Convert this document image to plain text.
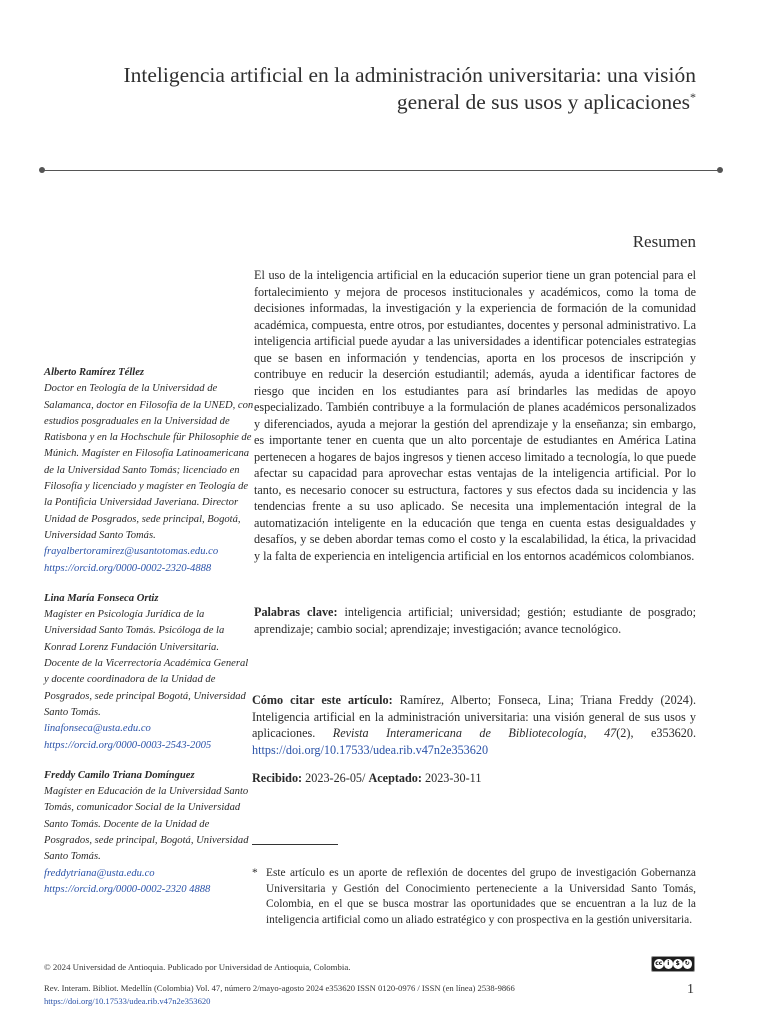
Inteligencia artificial en la administración universitaria: una visión general de sus usos y aplicaciones*
Resumen
El uso de la inteligencia artificial en la educación superior tiene un gran potencial para el fortalecimiento y mejora de procesos institucionales y académicos, como la toma de decisiones informadas, la investigación y la experiencia de formación de la comunidad académica, compuesta, entre otros, por estudiantes, docentes y personal administrativo. La inteligencia artificial puede ayudar a las universidades a identificar potenciales estrategias que se basen en información y tendencias, aporta en los procesos de inscripción y contribuye en reducir la deserción estudiantil; además, ayuda a identificar factores de riesgo que inciden en los estudiantes para así brindarles las medidas de apoyo especializado. También contribuye a la formulación de planes académicos personalizados y diferenciados, ayuda a mejorar la gestión del aprendizaje y la enseñanza; sin embargo, es importante tener en cuenta que un alto porcentaje de estudiantes en América Latina pertenecen a hogares de bajos ingresos y tienen acceso limitado a tecnología, lo que puede afectar su capacidad para aprovechar estas ventajas de la inteligencia artificial. Por lo tanto, es necesario conocer su estructura, factores y sus efectos dada su incidencia y las tendencias frente a su uso aplicado. Se necesita una implementación integral de la automatización inteligente en la educación que tenga en cuenta estas desigualdades y desafíos, y se deben abordar temas como el costo y la escalabilidad, la ética, la privacidad y la falta de experiencia en inteligencia artificial en los entornos académicos colombianos.
Palabras clave: inteligencia artificial; universidad; gestión; estudiante de posgrado; aprendizaje; cambio social; aprendizaje; investigación; avance tecnológico.
Cómo citar este artículo: Ramírez, Alberto; Fonseca, Lina; Triana Freddy (2024). Inteligencia artificial en la administración universitaria: una visión general de sus usos y aplicaciones. Revista Interamericana de Bibliotecología, 47(2), e353620. https://doi.org/10.17533/udea.rib.v47n2e353620
Recibido: 2023-26-05/ Aceptado: 2023-30-11
* Este artículo es un aporte de reflexión de docentes del grupo de investigación Gobernanza Universitaria y Gestión del Conocimiento perteneciente a la Universidad Santo Tomás, Colombia, en el que se busca mostrar las oportunidades que se encuentran a la luz de la inteligencia artificial como un aliado estratégico y con prospectiva en la gestión universitaria.
Alberto Ramírez Téllez
Doctor en Teología de la Universidad de Salamanca, doctor en Filosofía de la UNED, con estudios posgraduales en la Universidad de Ratisbona y en la Hochschule für Philosophie de Múnich. Magíster en Filosofía Latinoamericana de la Universidad Santo Tomás; licenciado en Filosofía y licenciado y magíster en Teología de la Pontificia Universidad Javeriana. Director Unidad de Posgrados, sede principal, Bogotá, Universidad Santo Tomás.
frayalbertoramirez@usantotomas.edu.co
https://orcid.org/0000-0002-2320-4888
Lina María Fonseca Ortiz
Magíster en Psicología Jurídica de la Universidad Santo Tomás. Psicóloga de la Konrad Lorenz Fundación Universitaria. Docente de la Vicerrectoría Académica General y docente coordinadora de la Unidad de Posgrados, sede principal Bogotá, Universidad Santo Tomás.
linafonseca@usta.edu.co
https://orcid.org/0000-0003-2543-2005
Freddy Camilo Triana Domínguez
Magíster en Educación de la Universidad Santo Tomás, comunicador Social de la Universidad Santo Tomás. Docente de la Unidad de Posgrados, sede principal, Bogotá, Universidad Santo Tomás.
freddytriana@usta.edu.co
https://orcid.org/0000-0002-2320 4888
© 2024 Universidad de Antioquia. Publicado por Universidad de Antioquia, Colombia.	cc i	$ ↻
Rev. Interam. Bibliot. Medellín (Colombia) Vol. 47, número 2/mayo-agosto 2024 e353620 ISSN 0120-0976 / ISSN (en línea) 2538-9866
https://doi.org/10.17533/udea.rib.v47n2e353620
1
